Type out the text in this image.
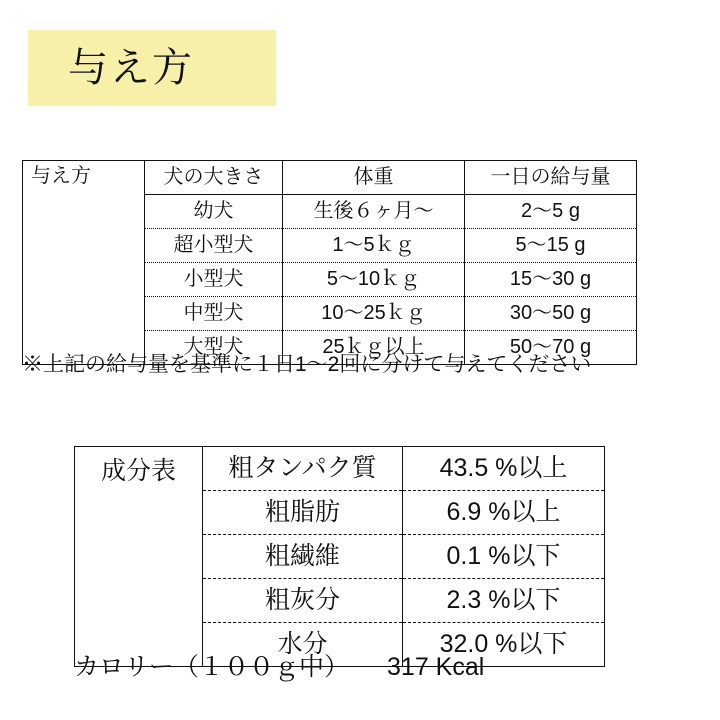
与え方
与え方	犬の大きさ	体重	一日の給与量
	幼犬	生後６ヶ月〜	2〜5 g
	超小型犬	1〜5ｋｇ	5〜15 g
	小型犬	5〜10ｋｇ	15〜30 g
	中型犬	10〜25ｋｇ	30〜50 g
	大型犬	25ｋｇ以上	50〜70 g
※上記の給与量を基準に１日1〜2回に分けて与えてください
成分表	粗タンパク質	43.5 %以上
	粗脂肪	6.9 %以上
	粗繊維	0.1 %以下
	粗灰分	2.3 %以下
	水分	32.0 %以下
カロリー（１００ｇ中） 317 Kcal
